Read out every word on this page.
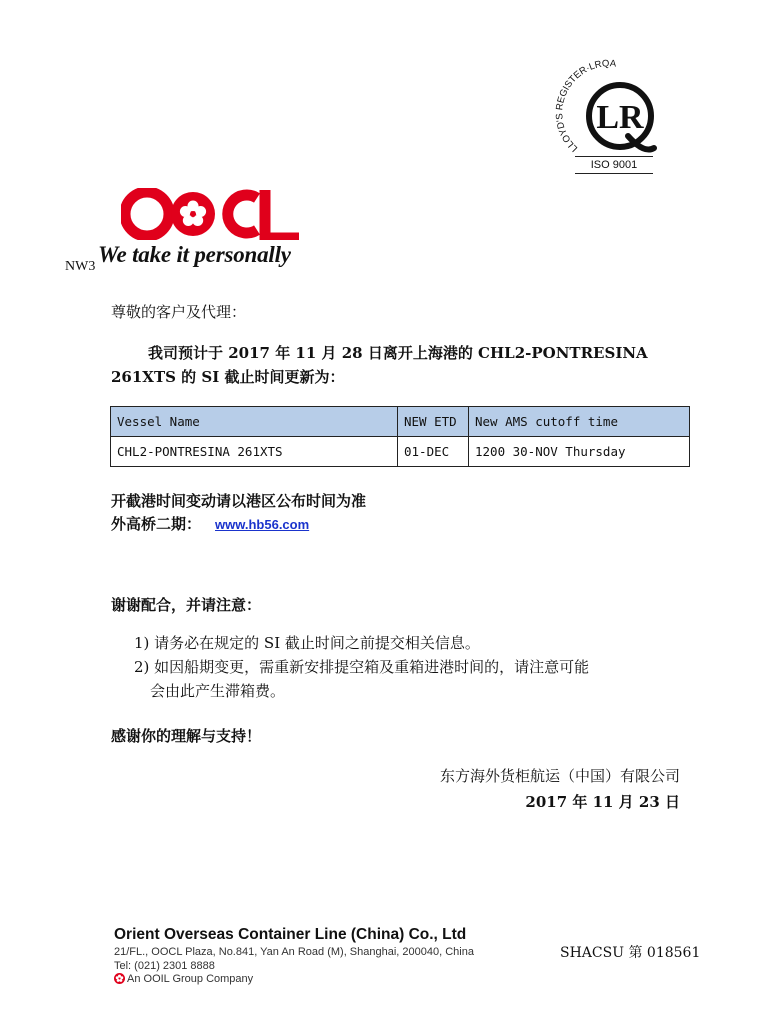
LLOYD'S REGISTER·LRQA
LR
ISO 9001
We take it personally
NW3
尊敬的客户及代理：
我司预计于 2017 年 11 月 28 日离开上海港的 CHL2-PONTRESINA
261XTS 的 SI 截止时间更新为：
Vessel Name	NEW ETD	New AMS cutoff time
CHL2-PONTRESINA 261XTS	01-DEC	1200 30-NOV Thursday
开截港时间变动请以港区公布时间为准
外高桥二期： www.hb56.com
谢谢配合，并请注意：
1) 请务必在规定的 SI 截止时间之前提交相关信息。
2) 如因船期变更，需重新安排提空箱及重箱进港时间的，请注意可能
会由此产生滞箱费。
感谢你的理解与支持！
东方海外货柜航运（中国）有限公司
2017 年 11 月 23 日
Orient Overseas Container Line (China) Co., Ltd
21/FL., OOCL Plaza, No.841, Yan An Road (M), Shanghai, 200040, China
Tel: (021) 2301 8888
An OOIL Group Company
SHACSU 第 018561
